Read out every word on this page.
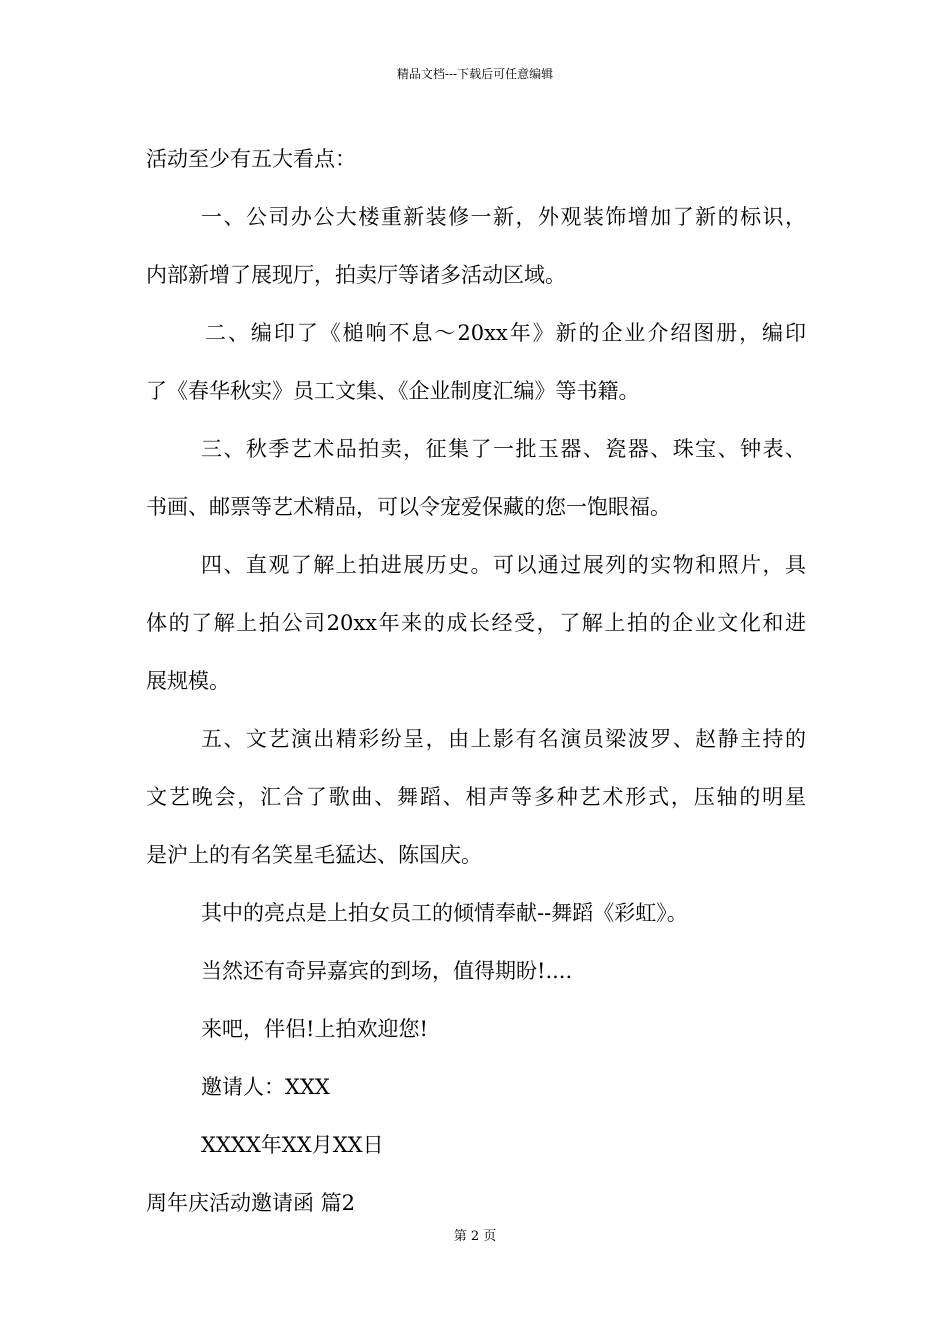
精品文档---下载后可任意编辑

活动至少有五大看点：

一、公司办公大楼重新装修一新，外观装饰增加了新的标识，

内部新增了展现厅，拍卖厅等诸多活动区域。

二、编印了《槌响不息～20xx年》新的企业介绍图册，编印

了《春华秋实》员工文集、《企业制度汇编》等书籍。

三、秋季艺术品拍卖，征集了一批玉器、瓷器、珠宝、钟表、

书画、邮票等艺术精品，可以令宠爱保藏的您一饱眼福。

四、直观了解上拍进展历史。可以通过展列的实物和照片，具

体的了解上拍公司20xx年来的成长经受，了解上拍的企业文化和进

展规模。

五、文艺演出精彩纷呈，由上影有名演员梁波罗、赵静主持的

文艺晚会，汇合了歌曲、舞蹈、相声等多种艺术形式，压轴的明星

是沪上的有名笑星毛猛达、陈国庆。

其中的亮点是上拍女员工的倾情奉献--舞蹈《彩虹》。

当然还有奇异嘉宾的到场，值得期盼!....

来吧，伴侣!上拍欢迎您!

邀请人：XXX

XXXX年XX月XX日

周年庆活动邀请函 篇2

第 2 页
